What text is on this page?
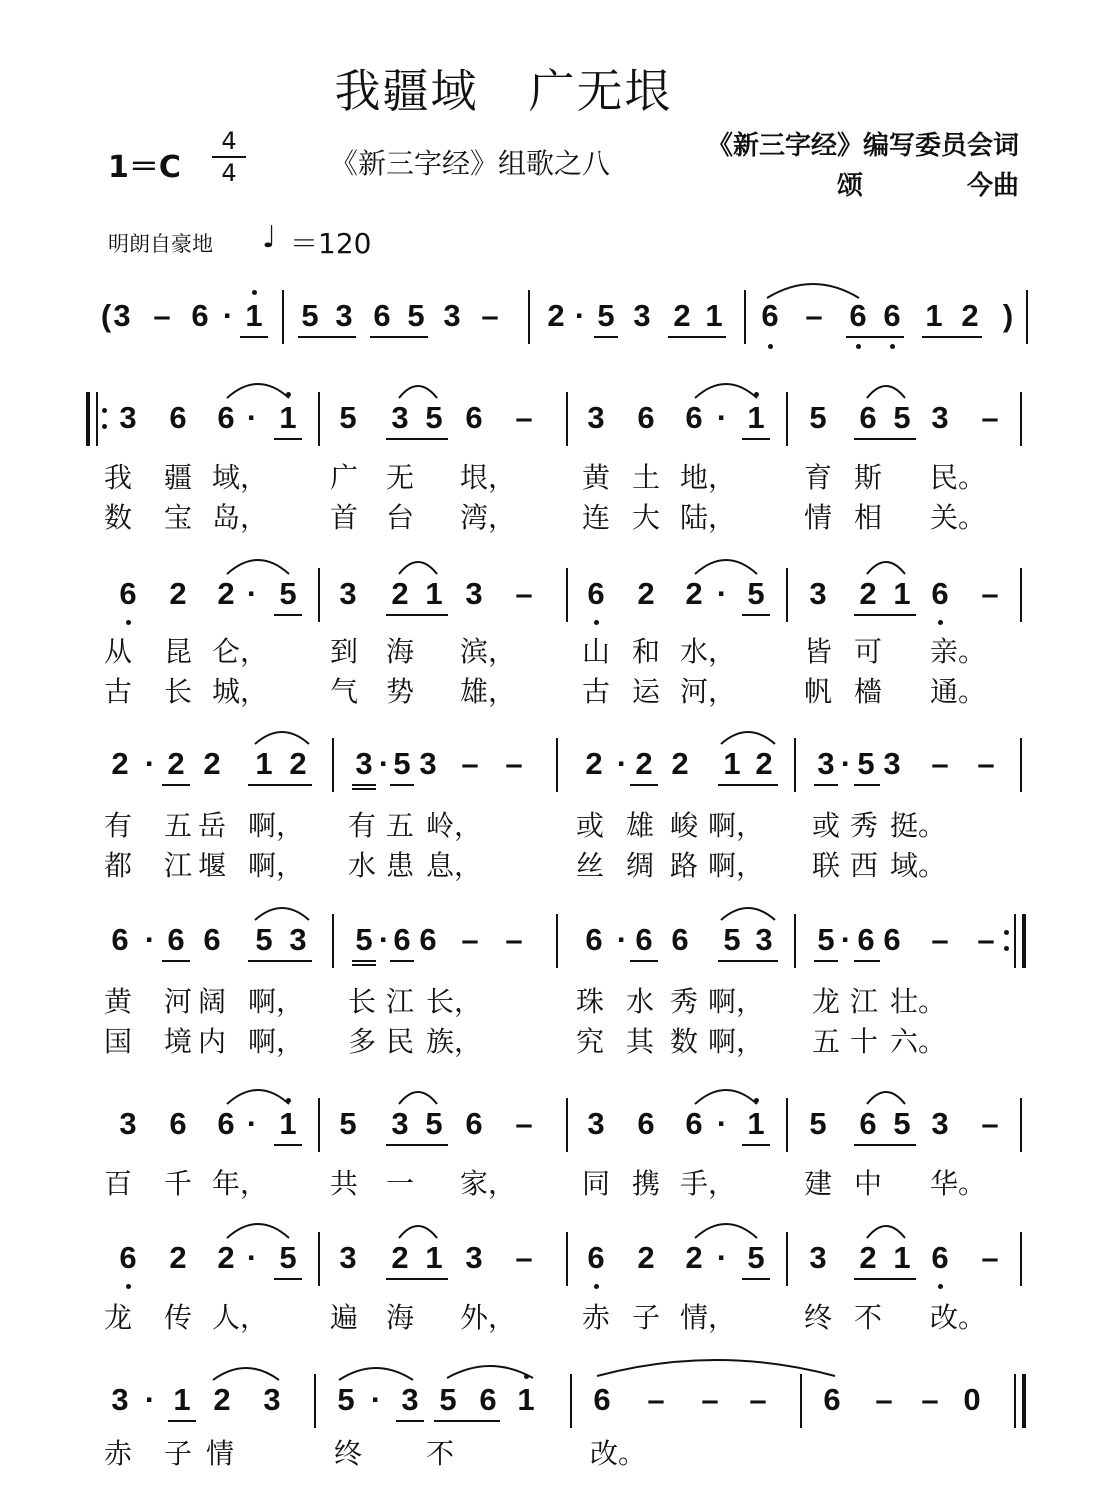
我疆域 广无垠
1＝C
4
4	《新三字经》组歌之八
《新三字经》编写委员会词
颂　　　　今曲
明朗自豪地 ♩ ＝120
( 3 – 6 · 1 5 3 6 5 3 – 2 · 5 3 2 1 6 – 6 6 1 2 )
3 6 6 · 1 5 3 5 6 – 3 6 6 · 1 5 6 5 3 –
我 疆 域， 广 无 垠， 黄 土 地， 育 斯 民。
数 宝 岛， 首 台 湾， 连 大 陆， 情 相 关。
6 2 2 · 5 3 2 1 3 – 6 2 2 · 5 3 2 1 6 –
从 昆 仑， 到 海 滨， 山 和 水， 皆 可 亲。
古 长 城， 气 势 雄， 古 运 河， 帆 檣 通。
2 · 2 2 1 2 3 · 5 3 – – 2 · 2 2 1 2 3 · 5 3 – –
有 五 岳 啊， 有 五 岭，	或 雄 峻 啊， 或 秀 挺。
都 江 堰 啊， 水 患 息，	丝 绸 路 啊， 联 西 域。
6 · 6 6 5 3 5 · 6 6 – – 6 · 6 6 5 3 5 · 6 6 – –
黄 河 阔 啊， 长 江 长，	珠 水 秀 啊， 龙 江 壮。
国 境 内 啊， 多 民 族，	究 其 数 啊， 五 十 六。
3 6 6 · 1 5 3 5 6 – 3 6 6 · 1 5 6 5 3 –
百 千 年， 共 一 家， 同 携 手， 建 中 华。
6 2 2 · 5 3 2 1 3 – 6 2 2 · 5 3 2 1 6 –
龙 传 人， 遍 海 外， 赤 子 情， 终 不 改。
3 · 1 2 3 5 · 3 5 6 1 6 – – – 6 – – 0
赤 子 情	终 不	改。
